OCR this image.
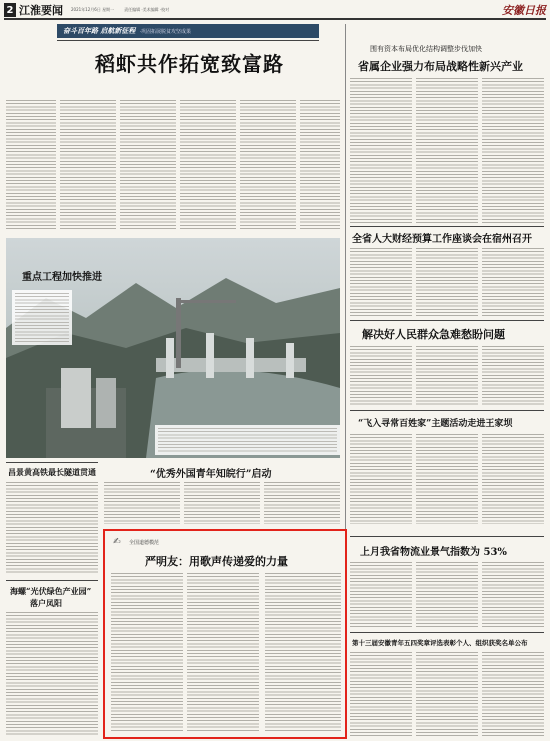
2 江淮要闻 2021年12月6日 星期一	责任编辑 ·美术编辑 ·校对	安徽日报
奋斗百年路 启航新征程 ·巩固拓展脱贫攻坚成果
稻虾共作拓宽致富路
围有资本布局优化结构调整步伐加快
省属企业强力布局战略性新兴产业
全省人大财经预算工作座谈会在宿州召开
解决好人民群众急难愁盼问题
“飞入寻常百姓家”主题活动走进王家坝
上月我省物流业景气指数为 53%
第十三届安徽青年五四奖章评选表彰个人、组织获奖名单公布
重点工程加快推进
昌景黄高铁最长隧道贯通
海螺“光伏绿色产业园”
落户凤阳
“优秀外国青年知皖行”启动
✍ 全国道德模范
严明友：用歌声传递爱的力量
